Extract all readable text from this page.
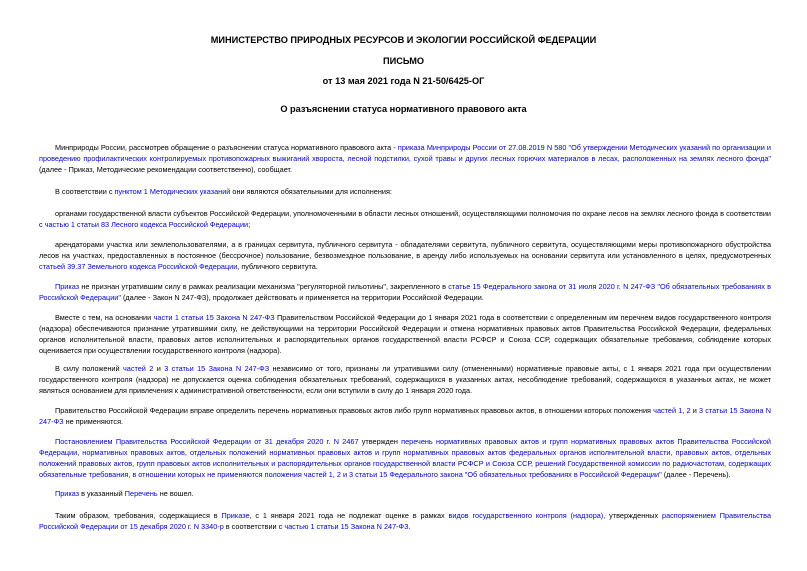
МИНИСТЕРСТВО ПРИРОДНЫХ РЕСУРСОВ И ЭКОЛОГИИ РОССИЙСКОЙ ФЕДЕРАЦИИ
ПИСЬМО
от 13 мая 2021 года N 21-50/6425-ОГ
О разъяснении статуса нормативного правового акта
Минприроды России, рассмотрев обращение о разъяснении статуса нормативного правового акта - приказа Минприроды России от 27.08.2019 N 580 "Об утверждении Методических указаний по организации и проведению профилактических контролируемых противопожарных выжиганий хвороста, лесной подстилки, сухой травы и других лесных горючих материалов в лесах, расположенных на землях лесного фонда" (далее - Приказ, Методические рекомендации соответственно), сообщает.
В соответствии с пунктом 1 Методических указаний они являются обязательными для исполнения:
органами государственной власти субъектов Российской Федерации, уполномоченными в области лесных отношений, осуществляющими полномочия по охране лесов на землях лесного фонда в соответствии с частью 1 статьи 83 Лесного кодекса Российской Федерации;
арендаторами участка или землепользователями, а в границах сервитута, публичного сервитута - обладателями сервитута, публичного сервитута, осуществляющими меры противопожарного обустройства лесов на участках, предоставленных в постоянное (бессрочное) пользование, безвозмездное пользование, в аренду либо используемых на основании сервитута или установленного в целях, предусмотренных статьей 39.37 Земельного кодекса Российской Федерации, публичного сервитута.
Приказ не признан утратившим силу в рамках реализации механизма "регуляторной гильотины", закрепленного в статье 15 Федерального закона от 31 июля 2020 г. N 247-ФЗ "Об обязательных требованиях в Российской Федерации" (далее - Закон N 247-ФЗ), продолжает действовать и применяется на территории Российской Федерации.
Вместе с тем, на основании части 1 статьи 15 Закона N 247-ФЗ Правительством Российской Федерации до 1 января 2021 года в соответствии с определенным им перечнем видов государственного контроля (надзора) обеспечиваются признание утратившими силу, не действующими на территории Российской Федерации и отмена нормативных правовых актов Правительства Российской Федерации, федеральных органов исполнительной власти, правовых актов исполнительных и распорядительных органов государственной власти РСФСР и Союза ССР, содержащих обязательные требования, соблюдение которых оценивается при осуществлении государственного контроля (надзора).
В силу положений частей 2 и 3 статьи 15 Закона N 247-ФЗ независимо от того, признаны ли утратившими силу (отмененными) нормативные правовые акты, с 1 января 2021 года при осуществлении государственного контроля (надзора) не допускается оценка соблюдения обязательных требований, содержащихся в указанных актах, несоблюдение требований, содержащихся в указанных актах, не может являться основанием для привлечения к административной ответственности, если они вступили в силу до 1 января 2020 года.
Правительство Российской Федерации вправе определить перечень нормативных правовых актов либо групп нормативных правовых актов, в отношении которых положения частей 1, 2 и 3 статьи 15 Закона N 247-ФЗ не применяются.
Постановлением Правительства Российской Федерации от 31 декабря 2020 г. N 2467 утвержден перечень нормативных правовых актов и групп нормативных правовых актов Правительства Российской Федерации, нормативных правовых актов, отдельных положений нормативных правовых актов и групп нормативных правовых актов федеральных органов исполнительной власти, правовых актов, отдельных положений правовых актов, групп правовых актов исполнительных и распорядительных органов государственной власти РСФСР и Союза ССР, решений Государственной комиссии по радиочастотам, содержащих обязательные требования, в отношении которых не применяются положения частей 1, 2 и 3 статьи 15 Федерального закона "Об обязательных требованиях в Российской Федерации" (далее - Перечень).
Приказ в указанный Перечень не вошел.
Таким образом, требования, содержащиеся в Приказе, с 1 января 2021 года не подлежат оценке в рамках видов государственного контроля (надзора), утвержденных распоряжением Правительства Российской Федерации от 15 декабря 2020 г. N 3340-р в соответствии с частью 1 статьи 15 Закона N 247-ФЗ.
